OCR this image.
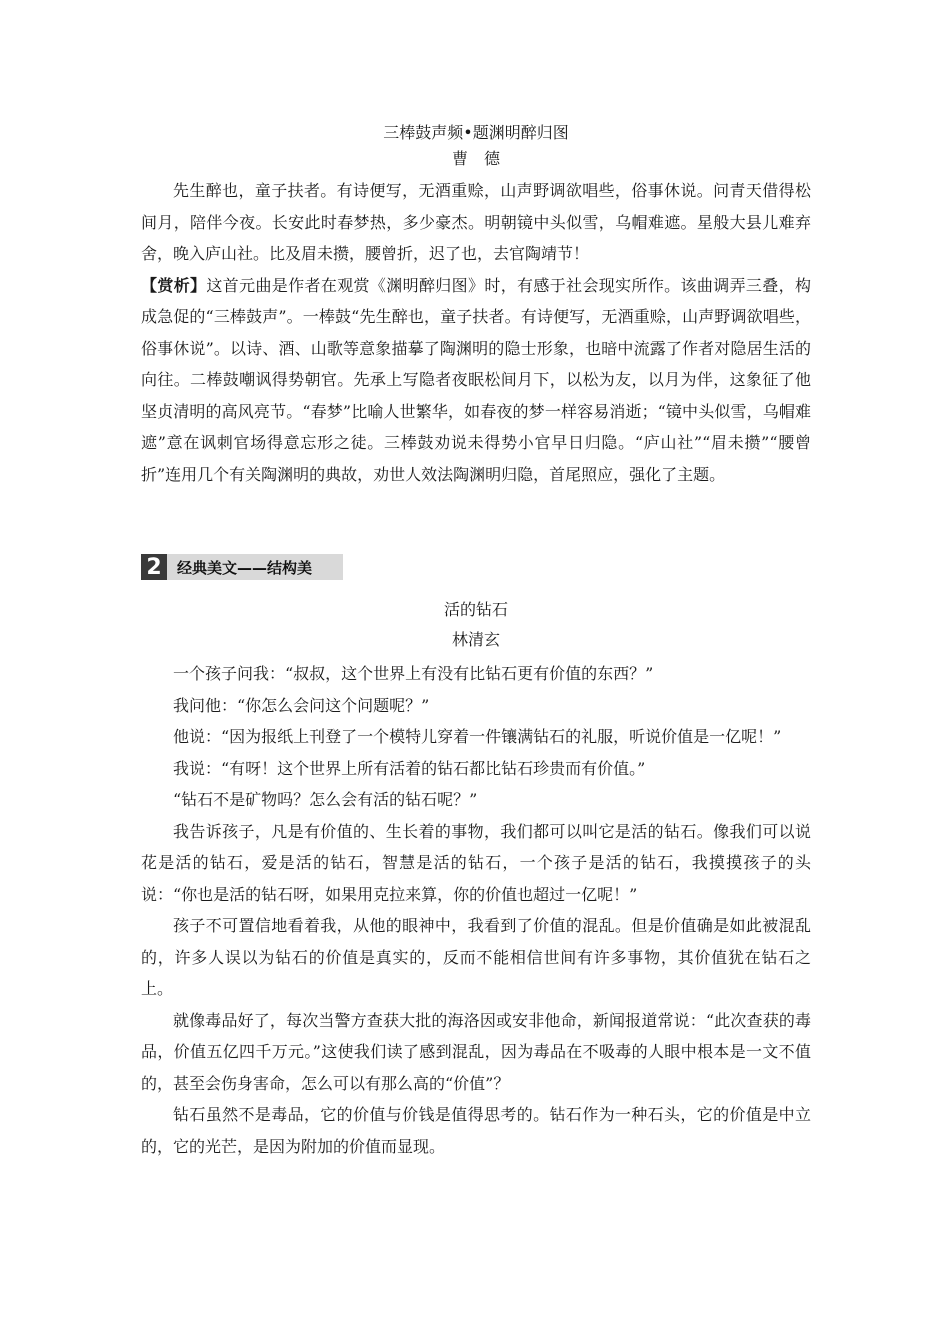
三棒鼓声频•题渊明醉归图
曹　德

先生醉也，童子扶者。有诗便写，无酒重赊，山声野调欲唱些，俗事休说。问青天借得松间月，陪伴今夜。长安此时春梦热，多少豪杰。明朝镜中头似雪，乌帽难遮。星般大县儿难弃舍，晚入庐山社。比及眉未攒，腰曾折，迟了也，去官陶靖节！

【赏析】这首元曲是作者在观赏《渊明醉归图》时，有感于社会现实所作。该曲调弄三叠，构成急促的“三棒鼓声”。一棒鼓“先生醉也，童子扶者。有诗便写，无酒重赊，山声野调欲唱些，俗事休说”。以诗、酒、山歌等意象描摹了陶渊明的隐士形象，也暗中流露了作者对隐居生活的向往。二棒鼓嘲讽得势朝官。先承上写隐者夜眠松间月下，以松为友，以月为伴，这象征了他坚贞清明的高风亮节。“春梦”比喻人世繁华，如春夜的梦一样容易消逝；“镜中头似雪，乌帽难遮”意在讽刺官场得意忘形之徒。三棒鼓劝说未得势小官早日归隐。“庐山社”“眉未攒”“腰曾折”连用几个有关陶渊明的典故，劝世人效法陶渊明归隐，首尾照应，强化了主题。

2	经典美文——结构美
活的钻石
林清玄

一个孩子问我：“叔叔，这个世界上有没有比钻石更有价值的东西？”

我问他：“你怎么会问这个问题呢？”

他说：“因为报纸上刊登了一个模特儿穿着一件镶满钻石的礼服，听说价值是一亿呢！”

我说：“有呀！这个世界上所有活着的钻石都比钻石珍贵而有价值。”

“钻石不是矿物吗？怎么会有活的钻石呢？”

我告诉孩子，凡是有价值的、生长着的事物，我们都可以叫它是活的钻石。像我们可以说花是活的钻石，爱是活的钻石，智慧是活的钻石，一个孩子是活的钻石，我摸摸孩子的头说：“你也是活的钻石呀，如果用克拉来算，你的价值也超过一亿呢！”

孩子不可置信地看着我，从他的眼神中，我看到了价值的混乱。但是价值确是如此被混乱的，许多人误以为钻石的价值是真实的，反而不能相信世间有许多事物，其价值犹在钻石之上。

就像毒品好了，每次当警方查获大批的海洛因或安非他命，新闻报道常说：“此次查获的毒品，价值五亿四千万元。”这使我们读了感到混乱，因为毒品在不吸毒的人眼中根本是一文不值的，甚至会伤身害命，怎么可以有那么高的“价值”？

钻石虽然不是毒品，它的价值与价钱是值得思考的。钻石作为一种石头，它的价值是中立的，它的光芒，是因为附加的价值而显现。
